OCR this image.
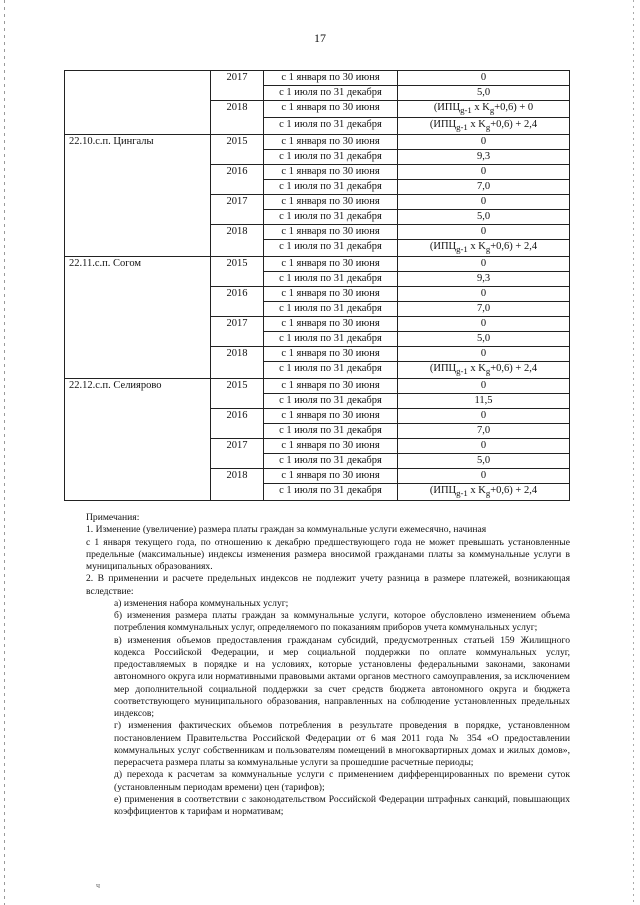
17
	2017	с 1 января по 30 июня	0
		с 1 июля по 31 декабря	5,0
	2018	с 1 января по 30 июня	($ИПЦ_{g-1}$ x $K_g+0,6) + 0$
		с 1 июля по 31 декабря	($ИПЦ_{g-1}$ x $K_g+0,6) + 2,4$
22.10.с.п. Цингалы	2015	с 1 января по 30 июня	0
		с 1 июля по 31 декабря	9,3
	2016	с 1 января по 30 июня	0
		с 1 июля по 31 декабря	7,0
	2017	с 1 января по 30 июня	0
		с 1 июля по 31 декабря	5,0
	2018	с 1 января по 30 июня	0
		с 1 июля по 31 декабря	($ИПЦ_{g-1}$ x $K_g+0,6) + 2,4$
22.11.с.п. Согом	2015	с 1 января по 30 июня	0
		с 1 июля по 31 декабря	9,3
	2016	с 1 января по 30 июня	0
		с 1 июля по 31 декабря	7,0
	2017	с 1 января по 30 июня	0
		с 1 июля по 31 декабря	5,0
	2018	с 1 января по 30 июня	0
		с 1 июля по 31 декабря	($ИПЦ_{g-1}$ x $K_g+0,6) + 2,4$
22.12.с.п. Селиярово	2015	с 1 января по 30 июня	0
		с 1 июля по 31 декабря	11,5
	2016	с 1 января по 30 июня	0
		с 1 июля по 31 декабря	7,0
	2017	с 1 января по 30 июня	0
		с 1 июля по 31 декабря	5,0
	2018	с 1 января по 30 июня	0
		с 1 июля по 31 декабря	($ИПЦ_{g-1}$ x $K_g+0,6) + 2,4$

Примечания:

1. Изменение (увеличение) размера платы граждан за коммунальные услуги ежемесячно, начиная

с 1 января текущего года, по отношению к декабрю предшествующего года не может превышать установленные предельные (максимальные) индексы изменения размера вносимой гражданами платы за коммунальные услуги в муниципальных образованиях.

2. В применении и расчете предельных индексов не подлежит учету разница в размере платежей, возникающая вследствие:

а) изменения набора коммунальных услуг;

б) изменения размера платы граждан за коммунальные услуги, которое обусловлено изменением объема потребления коммунальных услуг, определяемого по показаниям приборов учета коммунальных услуг;

в) изменения объемов предоставления гражданам субсидий, предусмотренных статьей 159 Жилищного кодекса Российской Федерации, и мер социальной поддержки по оплате коммунальных услуг, предоставляемых в порядке и на условиях, которые установлены федеральными законами, законами автономного округа или нормативными правовыми актами органов местного самоуправления, за исключением мер дополнительной социальной поддержки за счет средств бюджета автономного округа и бюджета соответствующего муниципального образования, направленных на соблюдение установленных предельных индексов;

г) изменения фактических объемов потребления в результате проведения в порядке, установленном постановлением Правительства Российской Федерации от 6 мая 2011 года № 354 «О предоставлении коммунальных услуг собственникам и пользователям помещений в многоквартирных домах и жилых домов», перерасчета размера платы за коммунальные услуги за прошедшие расчетные периоды;

д) перехода к расчетам за коммунальные услуги с применением дифференцированных по времени суток (установленным периодам времени) цен (тарифов);

е) применения в соответствии с законодательством Российской Федерации штрафных санкций, повышающих коэффициентов к тарифам и нормативам;

ч
